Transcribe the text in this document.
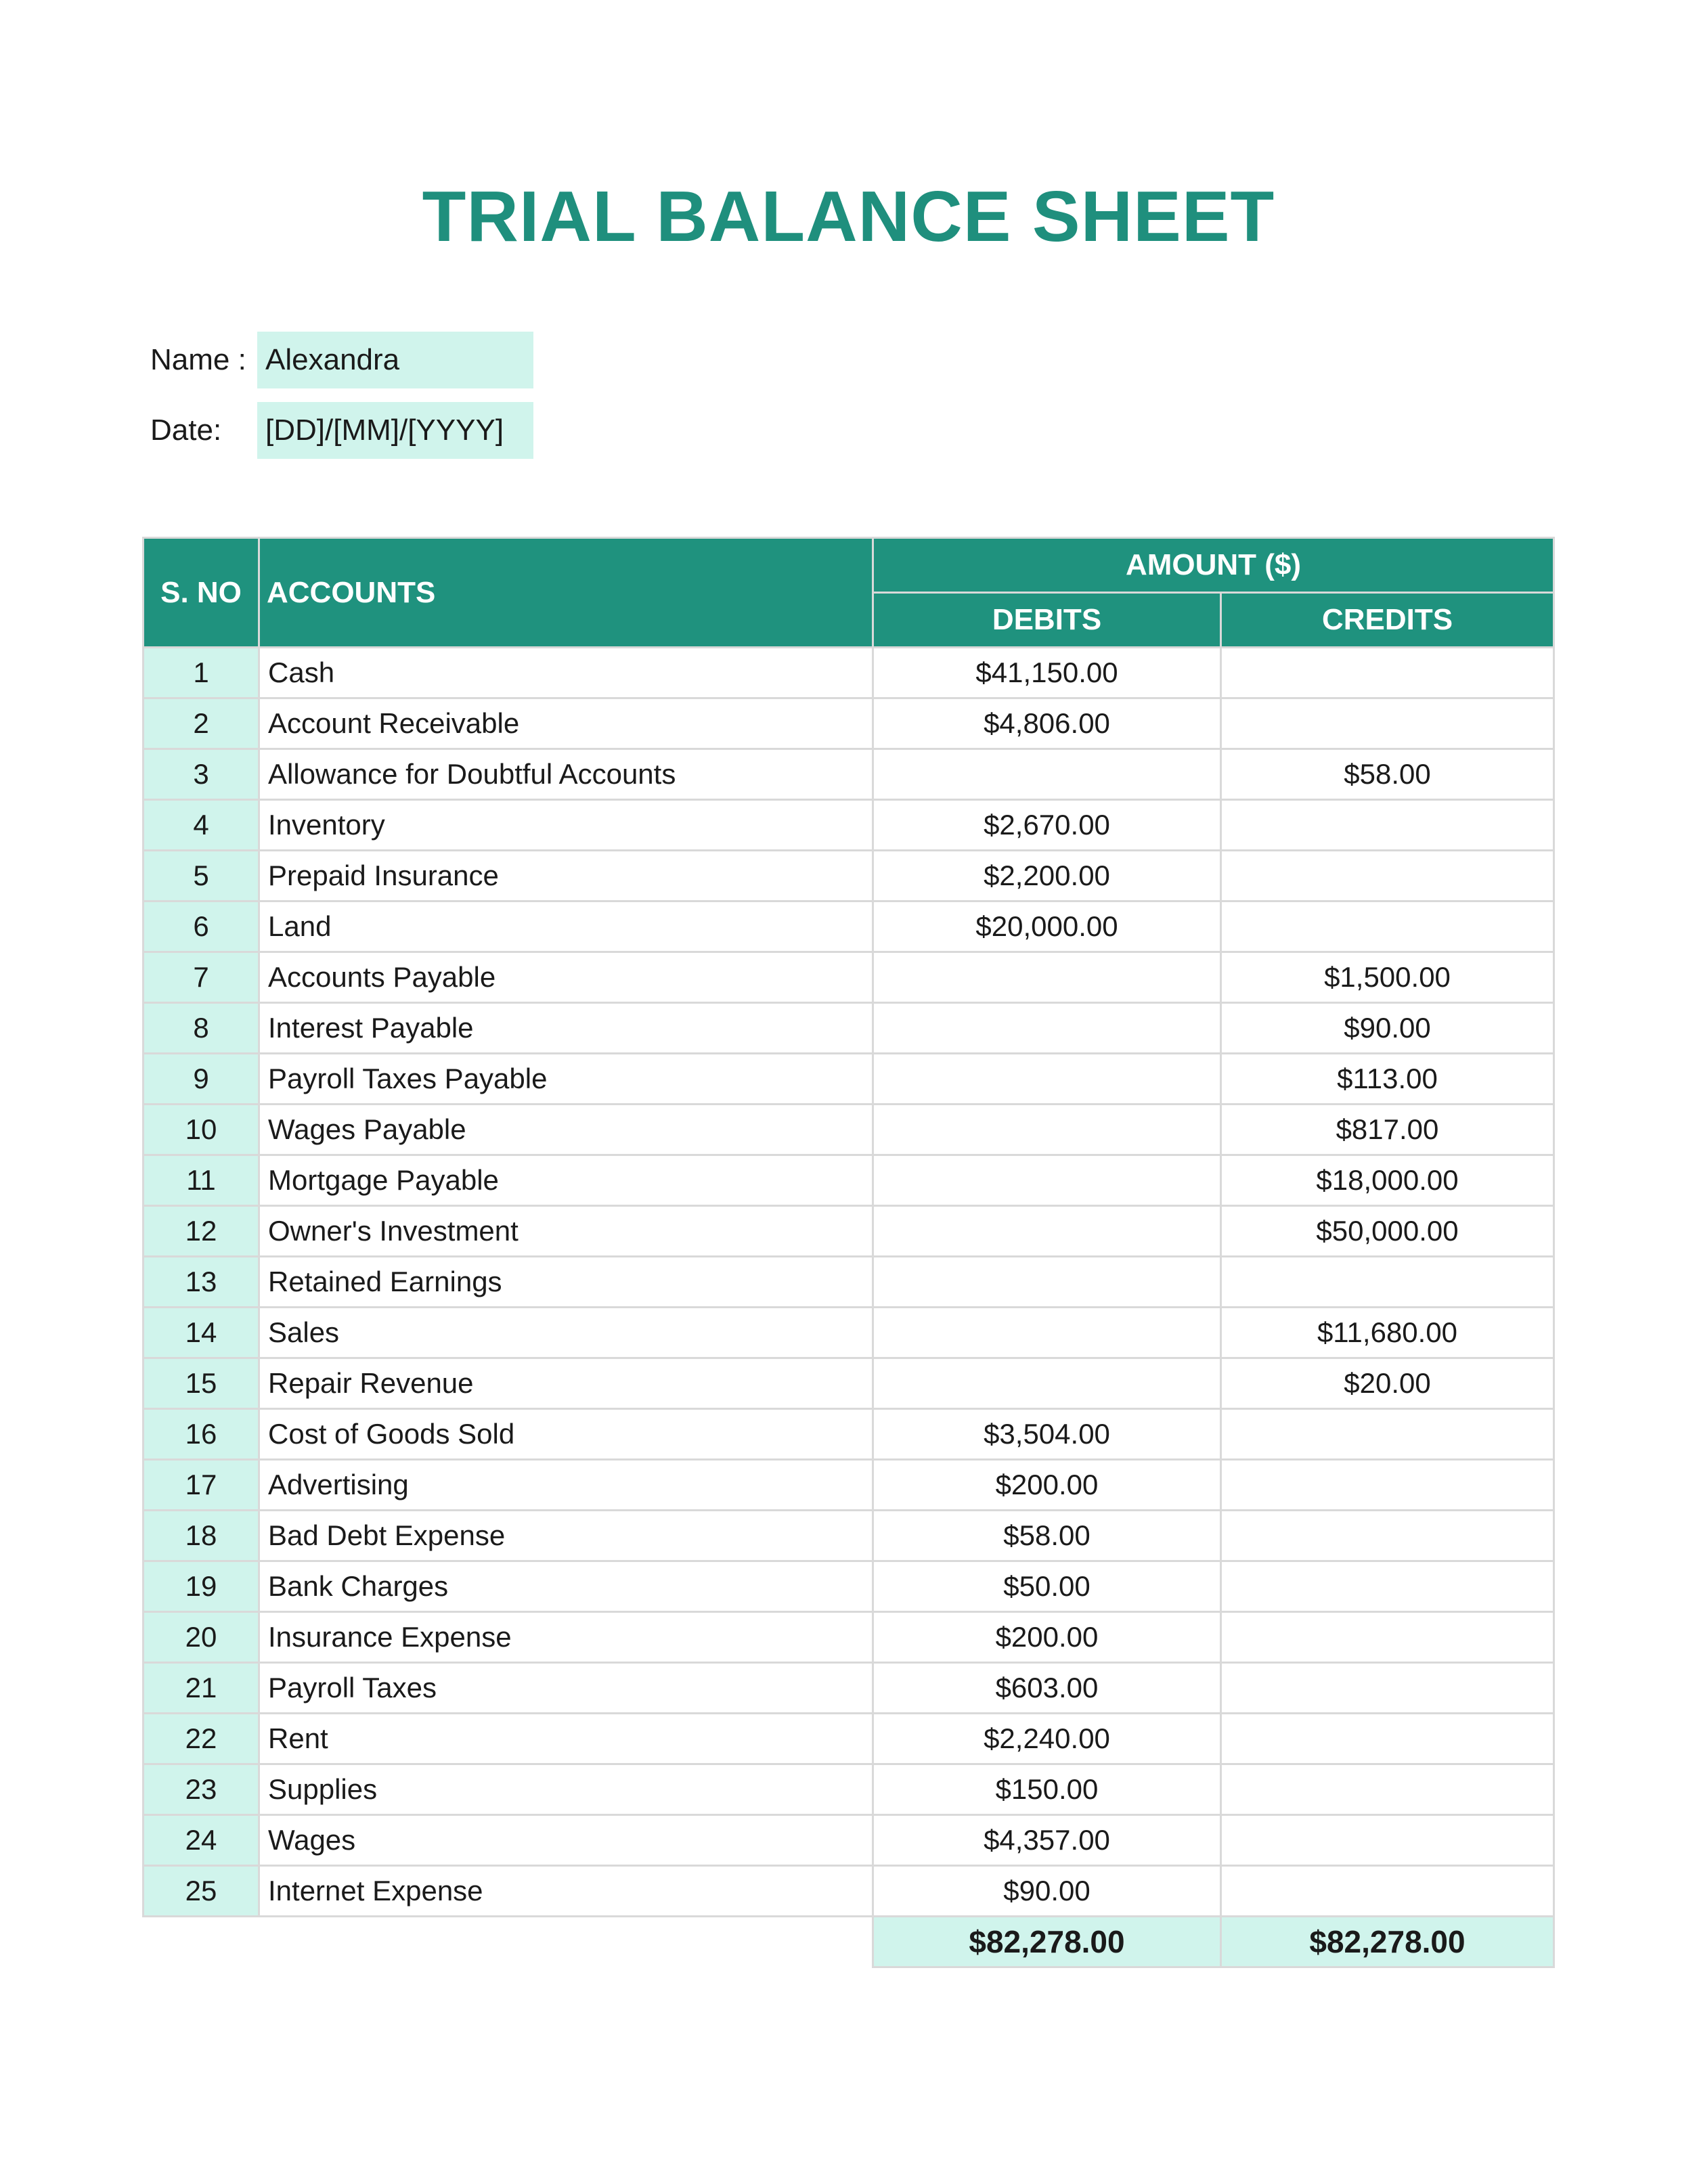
TRIAL BALANCE SHEET
Name : Alexandra
Date: [DD]/[MM]/[YYYY]
S. NO	ACCOUNTS	AMOUNT ($)	
		DEBITS	CREDITS
1	Cash	$41,150.00	
2	Account Receivable	$4,806.00	
3	Allowance for Doubtful Accounts		$58.00
4	Inventory	$2,670.00	
5	Prepaid Insurance	$2,200.00	
6	Land	$20,000.00	
7	Accounts Payable		$1,500.00
8	Interest Payable		$90.00
9	Payroll Taxes Payable		$113.00
10	Wages Payable		$817.00
11	Mortgage Payable		$18,000.00
12	Owner's Investment		$50,000.00
13	Retained Earnings		
14	Sales		$11,680.00
15	Repair Revenue		$20.00
16	Cost of Goods Sold	$3,504.00	
17	Advertising	$200.00	
18	Bad Debt Expense	$58.00	
19	Bank Charges	$50.00	
20	Insurance Expense	$200.00	
21	Payroll Taxes	$603.00	
22	Rent	$2,240.00	
23	Supplies	$150.00	
24	Wages	$4,357.00	
25	Internet Expense	$90.00	
		$82,278.00	$82,278.00
